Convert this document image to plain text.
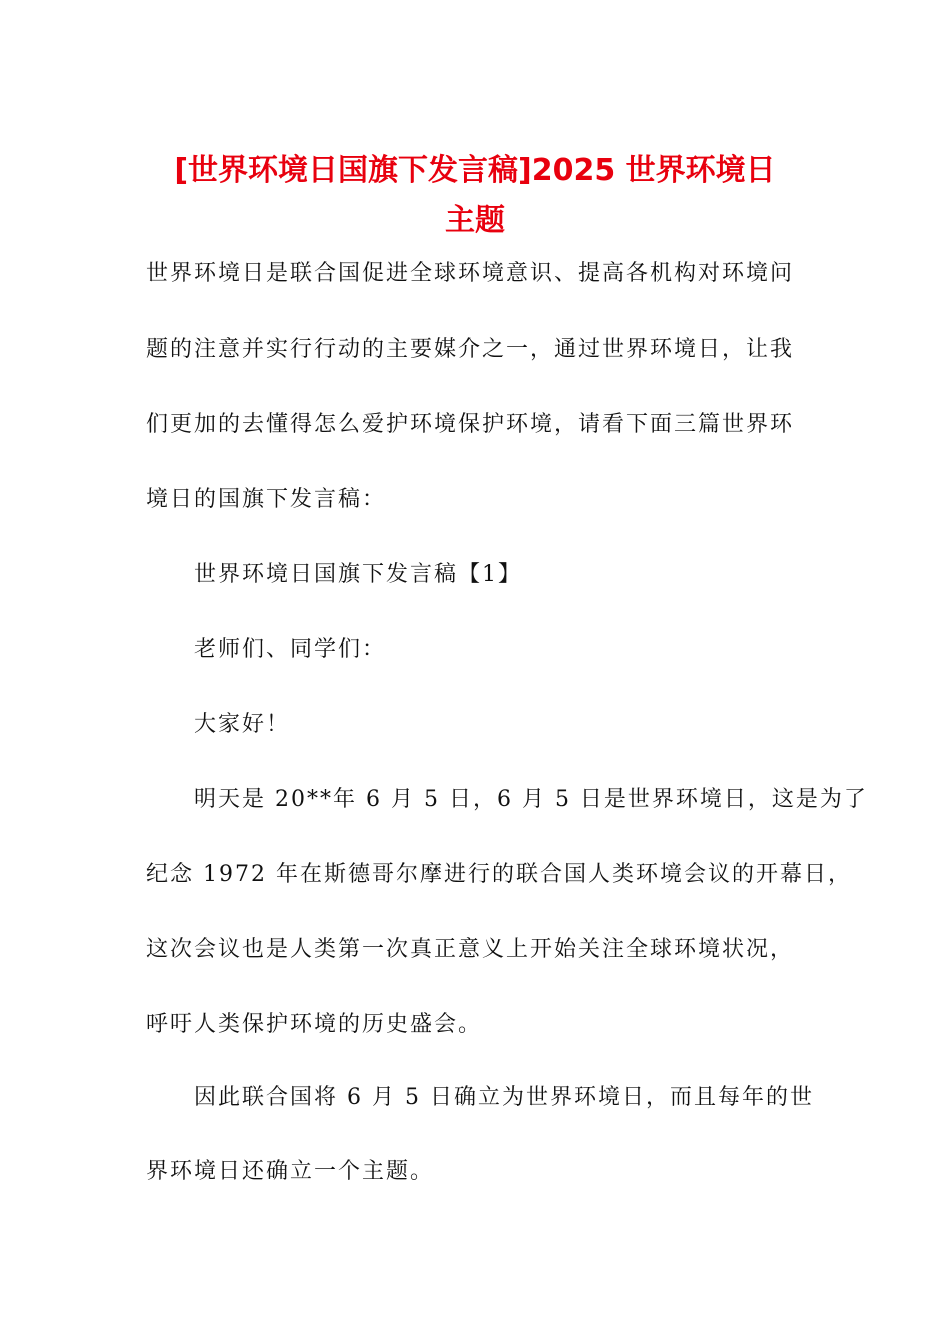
[世界环境日国旗下发言稿]2025 世界环境日
主题
世界环境日是联合国促进全球环境意识、提高各机构对环境问
题的注意并实行行动的主要媒介之一，通过世界环境日，让我
们更加的去懂得怎么爱护环境保护环境，请看下面三篇世界环
境日的国旗下发言稿：
世界环境日国旗下发言稿【1】
老师们、同学们：
大家好！
明天是 20**年 6 月 5 日，6 月 5 日是世界环境日，这是为了
纪念 1972 年在斯德哥尔摩进行的联合国人类环境会议的开幕日，
这次会议也是人类第一次真正意义上开始关注全球环境状况，
呼吁人类保护环境的历史盛会。
因此联合国将 6 月 5 日确立为世界环境日，而且每年的世
界环境日还确立一个主题。
